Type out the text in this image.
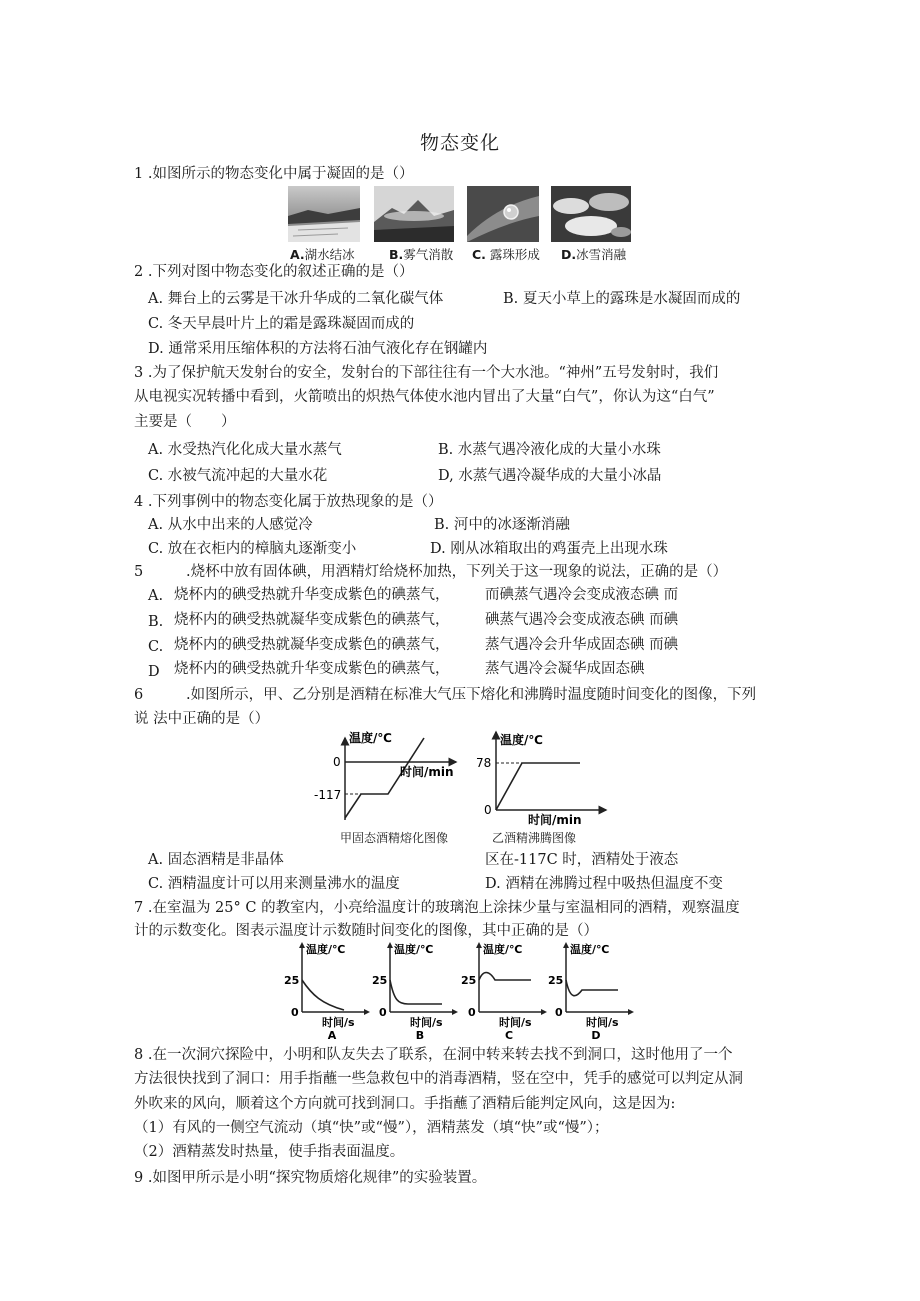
物态变化
1 .如图所示的物态变化中属于凝固的是（）
A.湖水结冰	B.雾气消散 C. 露珠形成 D.冰雪消融
2 .下列对图中物态变化的叙述正确的是（）
A. 舞台上的云雾是干冰升华成的二氧化碳气体	B. 夏天小草上的露珠是水凝固而成的
C. 冬天早晨叶片上的霜是露珠凝固而成的
D. 通常采用压缩体积的方法将石油气液化存在钢罐内
3 .为了保护航天发射台的安全，发射台的下部往往有一个大水池。“神州”五号发射时，我们
从电视实况转播中看到，火箭喷出的炽热气体使水池内冒出了大量“白气”，你认为这“白气”
主要是（　　）
A. 水受热汽化化成大量水蒸气	B. 水蒸气遇冷液化成的大量小水珠
C. 水被气流冲起的大量水花	D, 水蒸气遇冷凝华成的大量小冰晶
4 .下列事例中的物态变化属于放热现象的是（）
A. 从水中出来的人感觉冷	B. 河中的冰逐渐消融
C. 放在衣柜内的樟脑丸逐渐变小	D. 刚从冰箱取出的鸡蛋壳上出现水珠
5	.烧杯中放有固体碘，用酒精灯给烧杯加热，下列关于这一现象的说法，正确的是（）
A. 烧杯内的碘受热就升华变成紫色的碘蒸气， 而碘蒸气遇冷会变成液态碘 而
B. 烧杯内的碘受热就凝华变成紫色的碘蒸气， 碘蒸气遇冷会变成液态碘 而碘
C. 烧杯内的碘受热就凝华变成紫色的碘蒸气， 蒸气遇冷会升华成固态碘 而碘
D 烧杯内的碘受热就升华变成紫色的碘蒸气， 蒸气遇冷会凝华成固态碘
6	.如图所示，甲、乙分别是酒精在标准大气压下熔化和沸腾时温度随时间变化的图像，下列
说 法中正确的是（）
温度/℃
时间/min
0
-117
甲固态酒精熔化图像
温度/℃
时间/min
0
78
乙酒精沸腾图像
A. 固态酒精是非晶体	区在-117C 时，酒精处于液态
C. 酒精温度计可以用来测量沸水的温度	D. 酒精在沸腾过程中吸热但温度不变
7 .在室温为 25° C 的教室内，小亮给温度计的玻璃泡上涂抹少量与室温相同的酒精，观察温度
计的示数变化。图表示温度计示数随时间变化的图像，其中正确的是（）
温度/℃
时间/s
25
0
A
温度/℃
时间/s
25
0
B
温度/℃
时间/s
25
0
C
温度/℃
时间/s
25
0
D
8 .在一次洞穴探险中，小明和队友失去了联系，在洞中转来转去找不到洞口，这时他用了一个
方法很快找到了洞口：用手指蘸一些急救包中的消毒酒精，竖在空中，凭手的感觉可以判定从洞
外吹来的风向，顺着这个方向就可找到洞口。手指蘸了酒精后能判定风向，这是因为:
（1）有风的一侧空气流动（填“快”或“慢”），酒精蒸发（填“快”或“慢”）；
（2）酒精蒸发时热量，使手指表面温度。
9 .如图甲所示是小明“探究物质熔化规律”的实验装置。
